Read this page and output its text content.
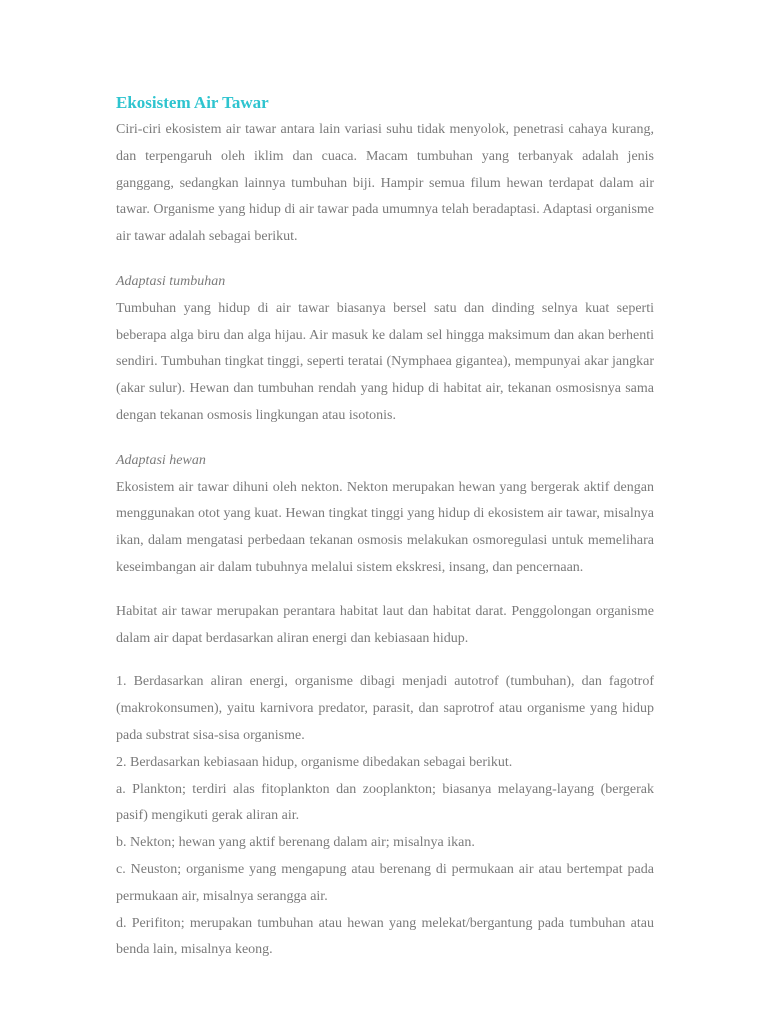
Ekosistem Air Tawar

Ciri-ciri ekosistem air tawar antara lain variasi suhu tidak menyolok, penetrasi cahaya kurang, dan terpengaruh oleh iklim dan cuaca. Macam tumbuhan yang terbanyak adalah jenis ganggang, sedangkan lainnya tumbuhan biji. Hampir semua filum hewan terdapat dalam air tawar. Organisme yang hidup di air tawar pada umumnya telah beradaptasi. Adaptasi organisme air tawar adalah sebagai berikut.

Adaptasi tumbuhan

Tumbuhan yang hidup di air tawar biasanya bersel satu dan dinding selnya kuat seperti beberapa alga biru dan alga hijau. Air masuk ke dalam sel hingga maksimum dan akan berhenti sendiri. Tumbuhan tingkat tinggi, seperti teratai (Nymphaea gigantea), mempunyai akar jangkar (akar sulur). Hewan dan tumbuhan rendah yang hidup di habitat air, tekanan osmosisnya sama dengan tekanan osmosis lingkungan atau isotonis.

Adaptasi hewan

Ekosistem air tawar dihuni oleh nekton. Nekton merupakan hewan yang bergerak aktif dengan menggunakan otot yang kuat. Hewan tingkat tinggi yang hidup di ekosistem air tawar, misalnya ikan, dalam mengatasi perbedaan tekanan osmosis melakukan osmoregulasi untuk memelihara keseimbangan air dalam tubuhnya melalui sistem ekskresi, insang, dan pencernaan.

Habitat air tawar merupakan perantara habitat laut dan habitat darat. Penggolongan organisme dalam air dapat berdasarkan aliran energi dan kebiasaan hidup.

1. Berdasarkan aliran energi, organisme dibagi menjadi autotrof (tumbuhan), dan fagotrof (makrokonsumen), yaitu karnivora predator, parasit, dan saprotrof atau organisme yang hidup pada substrat sisa-sisa organisme.

2. Berdasarkan kebiasaan hidup, organisme dibedakan sebagai berikut.

a. Plankton; terdiri alas fitoplankton dan zooplankton; biasanya melayang-layang (bergerak pasif) mengikuti gerak aliran air.

b. Nekton; hewan yang aktif berenang dalam air; misalnya ikan.

c. Neuston; organisme yang mengapung atau berenang di permukaan air atau bertempat pada permukaan air, misalnya serangga air.

d. Perifiton; merupakan tumbuhan atau hewan yang melekat/bergantung pada tumbuhan atau benda lain, misalnya keong.
